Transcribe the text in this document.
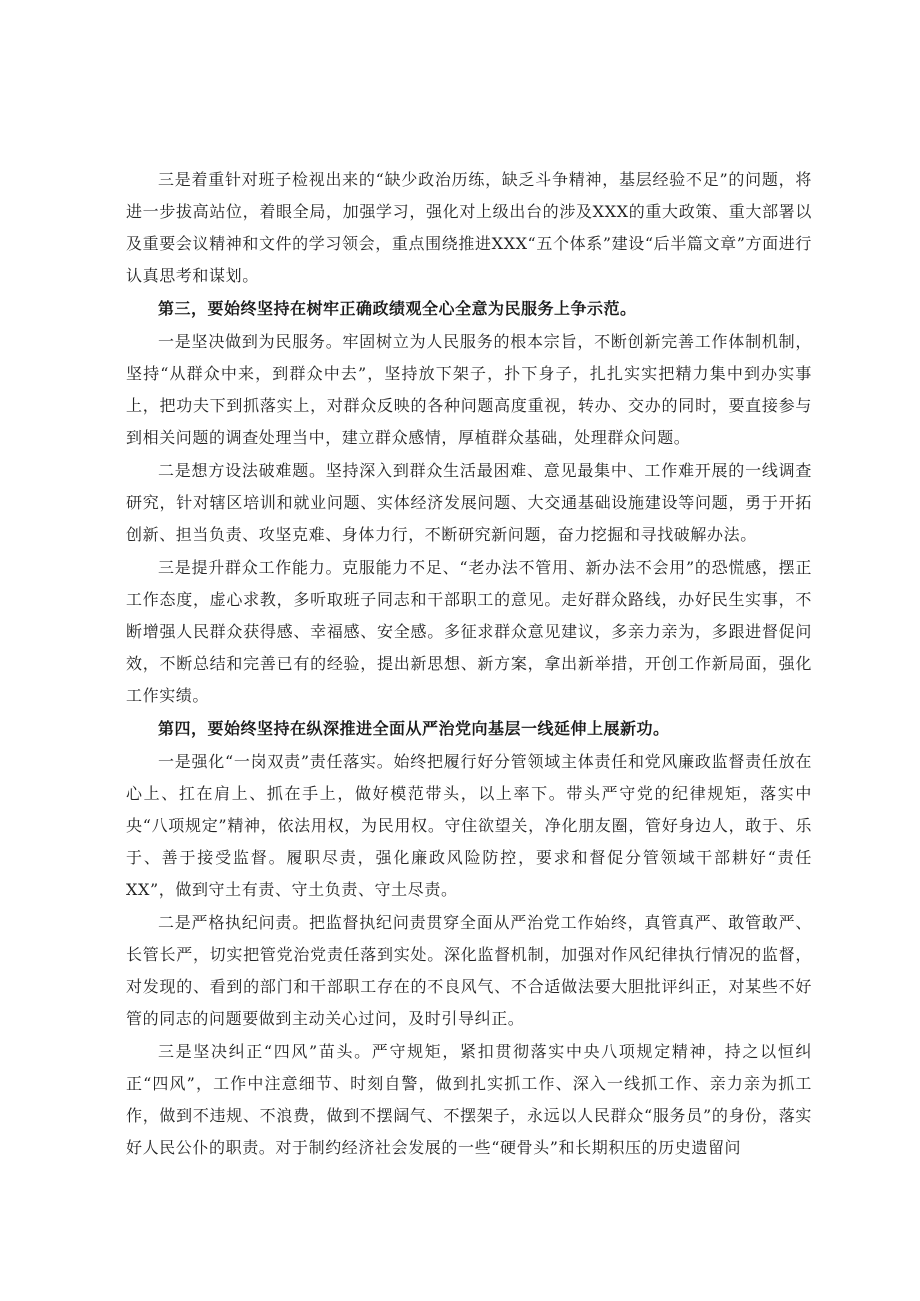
三是着重针对班子检视出来的“缺少政治历练，缺乏斗争精神，基层经验不足”的问题，将进一步拔高站位，着眼全局，加强学习，强化对上级出台的涉及XXX的重大政策、重大部署以及重要会议精神和文件的学习领会，重点围绕推进XXX“五个体系”建设“后半篇文章”方面进行认真思考和谋划。

第三，要始终坚持在树牢正确政绩观全心全意为民服务上争示范。

一是坚决做到为民服务。牢固树立为人民服务的根本宗旨，不断创新完善工作体制机制，坚持“从群众中来，到群众中去”，坚持放下架子，扑下身子，扎扎实实把精力集中到办实事上，把功夫下到抓落实上，对群众反映的各种问题高度重视，转办、交办的同时，要直接参与到相关问题的调查处理当中，建立群众感情，厚植群众基础，处理群众问题。

二是想方设法破难题。坚持深入到群众生活最困难、意见最集中、工作难开展的一线调查研究，针对辖区培训和就业问题、实体经济发展问题、大交通基础设施建设等问题，勇于开拓创新、担当负责、攻坚克难、身体力行，不断研究新问题，奋力挖掘和寻找破解办法。

三是提升群众工作能力。克服能力不足、“老办法不管用、新办法不会用”的恐慌感，摆正工作态度，虚心求教，多听取班子同志和干部职工的意见。走好群众路线，办好民生实事，不断增强人民群众获得感、幸福感、安全感。多征求群众意见建议，多亲力亲为，多跟进督促问效，不断总结和完善已有的经验，提出新思想、新方案，拿出新举措，开创工作新局面，强化工作实绩。

第四，要始终坚持在纵深推进全面从严治党向基层一线延伸上展新功。

一是强化“一岗双责”责任落实。始终把履行好分管领域主体责任和党风廉政监督责任放在心上、扛在肩上、抓在手上，做好模范带头，以上率下。带头严守党的纪律规矩，落实中央“八项规定”精神，依法用权，为民用权。守住欲望关，净化朋友圈，管好身边人，敢于、乐于、善于接受监督。履职尽责，强化廉政风险防控，要求和督促分管领域干部耕好“责任XX”，做到守土有责、守土负责、守土尽责。

二是严格执纪问责。把监督执纪问责贯穿全面从严治党工作始终，真管真严、敢管敢严、长管长严，切实把管党治党责任落到实处。深化监督机制，加强对作风纪律执行情况的监督，对发现的、看到的部门和干部职工存在的不良风气、不合适做法要大胆批评纠正，对某些不好管的同志的问题要做到主动关心过问，及时引导纠正。

三是坚决纠正“四风”苗头。严守规矩，紧扣贯彻落实中央八项规定精神，持之以恒纠正“四风”，工作中注意细节、时刻自警，做到扎实抓工作、深入一线抓工作、亲力亲为抓工作，做到不违规、不浪费，做到不摆阔气、不摆架子，永远以人民群众“服务员”的身份，落实好人民公仆的职责。对于制约经济社会发展的一些“硬骨头”和长期积压的历史遗留问
